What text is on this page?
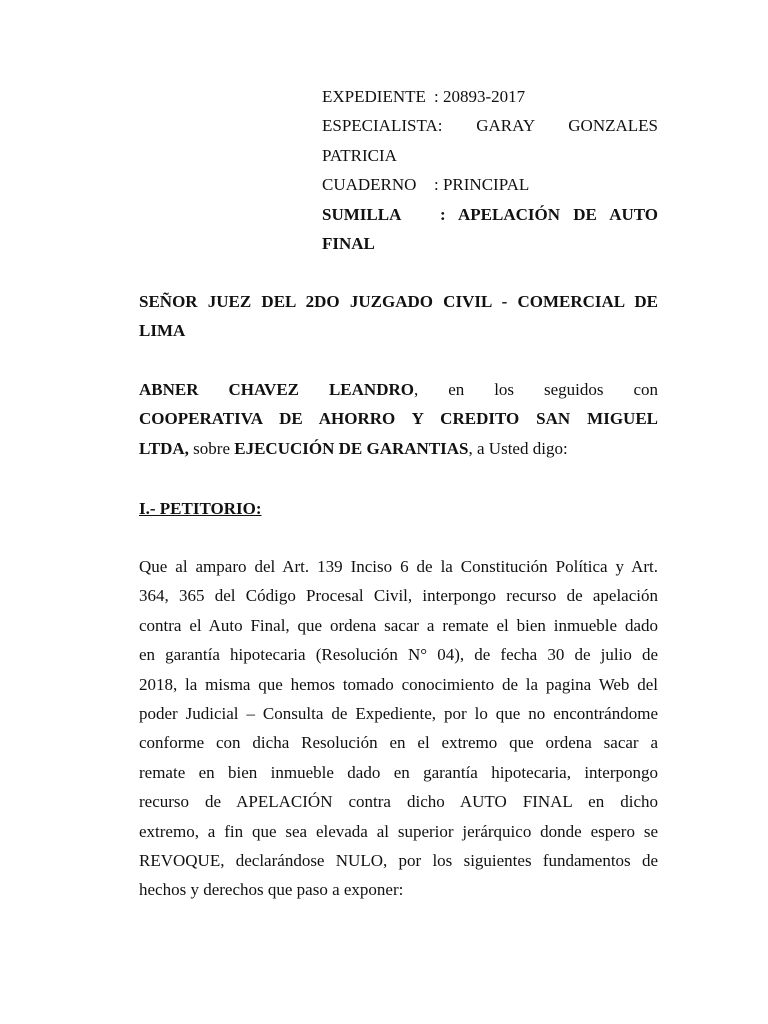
EXPEDIENTE : 20893-2017
ESPECIALISTA: GARAY GONZALES
PATRICIA
CUADERNO : PRINCIPAL
SUMILLA	: APELACIÓN DE AUTO
FINAL
SEÑOR JUEZ DEL 2DO JUZGADO CIVIL - COMERCIAL DE
LIMA
ABNER CHAVEZ LEANDRO, en los seguidos con
COOPERATIVA DE AHORRO Y CREDITO SAN MIGUEL
LTDA, sobre EJECUCIÓN DE GARANTIAS, a Usted digo:
I.- PETITORIO:
Que al amparo del Art. 139 Inciso 6 de la Constitución Política y Art.
364, 365 del Código Procesal Civil, interpongo recurso de apelación
contra el Auto Final, que ordena sacar a remate el bien inmueble dado
en garantía hipotecaria (Resolución N° 04), de fecha 30 de julio de
2018, la misma que hemos tomado conocimiento de la pagina Web del
poder Judicial – Consulta de Expediente, por lo que no encontrándome
conforme con dicha Resolución en el extremo que ordena sacar a
remate en bien inmueble dado en garantía hipotecaria, interpongo
recurso de APELACIÓN contra dicho AUTO FINAL en dicho
extremo, a fin que sea elevada al superior jerárquico donde espero se
REVOQUE, declarándose NULO, por los siguientes fundamentos de
hechos y derechos que paso a exponer:
